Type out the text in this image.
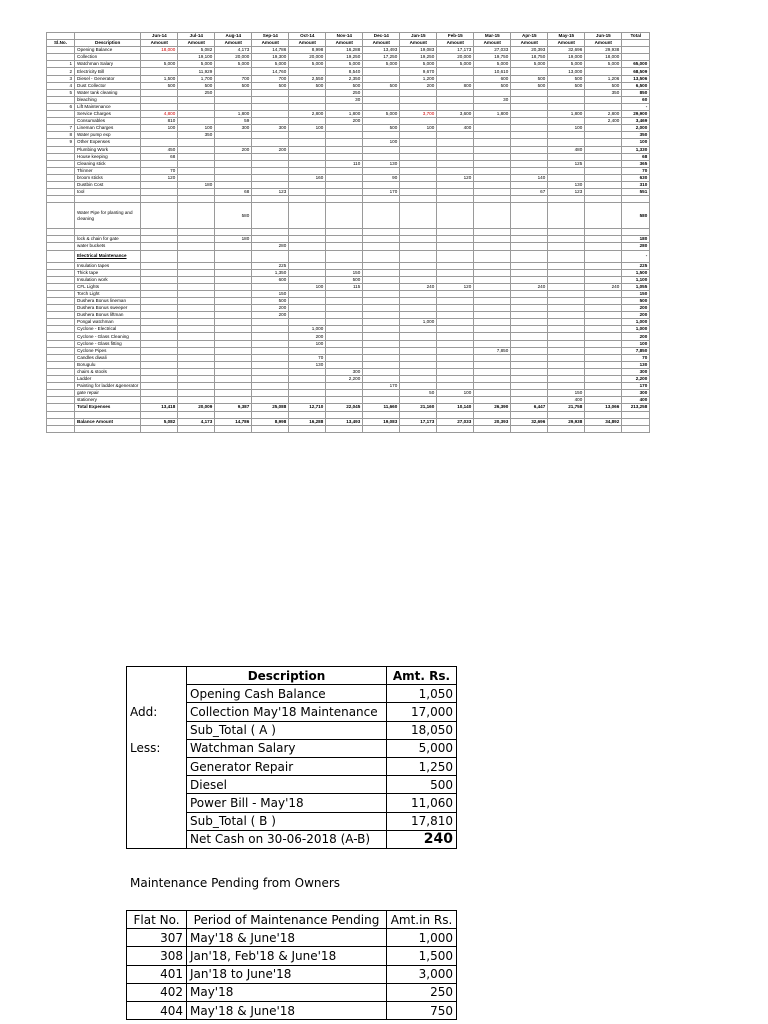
		Jun-14	Jul-14	Aug-14	Sep-14	Oct-14	Nov-14	Dec-14	Jan-15	Feb-15	Mar-15	Apr-15	May-15	Jun-15	Total
Sl.No.	Description	Amount	Amount	Amount	Amount	Amount	Amount	Amount	Amount	Amount	Amount	Amount	Amount	Amount	
	Opening Balance	18,000	5,082	4,173	14,786	8,998	16,288	13,493	19,083	17,173	27,033	20,393	32,696	29,938	
	Collection		19,100	20,000	19,300	20,000	19,250	17,250	19,250	20,000	19,750	18,750	19,000	18,000	
1	Watchman Salary	5,000	5,000	5,000	5,000	5,000	5,000	5,000	5,000	5,000	5,000	5,000	5,000	5,000	65,000
2	Electricity Bill		11,929		14,760		8,540		9,670		10,610		13,000		68,509
3	Diesel - Generator	1,500	1,700	700	700	2,550	2,350		1,200		600	500	500	1,206	13,506
4	Dust Collector	500	500	500	500	500	500	500	200	800	500	500	500	500	6,500
5	Water tank cleaning		250				250							350	850
	bleaching						30				30				60
6	Lift Maintenance														-
	Service Charges	4,800		1,800		2,800	1,800	5,000	3,700	3,600	1,800		1,800	2,800	29,900
	Consumables	810		59			200							2,400	3,469
7	Lineman Charges	100	100	300	300	100		500	100	400			100		2,000
8	Water pump exp		350												350
9	Other Expenses							100							100
	Plumbing Work	450		200	200								480		1,330
	House keeping	68													68
	Cleaning stick						110	130					125		365
	Thinner	70													70
	broom sticks	120				160		90		120		140			630
	Dustbin Cost		180										130		310
	tool			68	123			170				67	123		551

	Water Pipe for planting and cleaning			580											580

	lock & chain for gate			180											180
	water buckets				280										280
	Electrical Maintenance														-
	Insulation tapes				225										225
	Thick tape				1,350		150								1,500
	Insulation work				600		500								1,100
	CFL Lights					100	115		240	120		240		240	1,055
	Torch Light				150										150
	Dushera Bonus lineman				500										500
	Dushera Bonus sweeper				200										200
	Dushera Bonus liftman				200										200
	Pongal watchman								1,000						1,000
	Cyclone - Electrical					1,000									1,000
	Cyclone - Glass Cleaning					200									200
	Cyclone - Glass fitting					100									100
	Cyclone Pipes										7,850				7,850
	Candles diwali					70									70
	Borugulu					130									130
	chairs & stools						300								300
	Ladder						2,200								2,200
	Painting for ladder &generator							170							170
	gate repair								50	100			150		300
	stationery												400		400
	Total Expenses	13,418	20,009	9,387	25,088	12,710	22,045	11,660	21,160	10,140	26,390	6,447	21,758	13,066	213,258

	Balance Amount	5,082	4,173	14,786	8,998	16,288	13,493	19,083	17,173	27,033	20,393	32,696	29,938	34,892	

	Description	Amt. Rs.
	Opening Cash Balance	1,050
Add:	Collection May'18 Maintenance	17,000
	Sub_Total ( A )	18,050
Less:	Watchman Salary	5,000
	Generator Repair	1,250
	Diesel	500
	Power Bill - May'18	11,060
	Sub_Total ( B )	17,810
	Net Cash on 30-06-2018 (A-B)	240
Maintenance Pending from Owners
Flat No.	Period of Maintenance Pending	Amt.in Rs.
307	May'18 & June'18	1,000
308	Jan'18, Feb'18 & June'18	1,500
401	Jan'18 to June'18	3,000
402	May'18	250
404	May'18 & June'18	750
